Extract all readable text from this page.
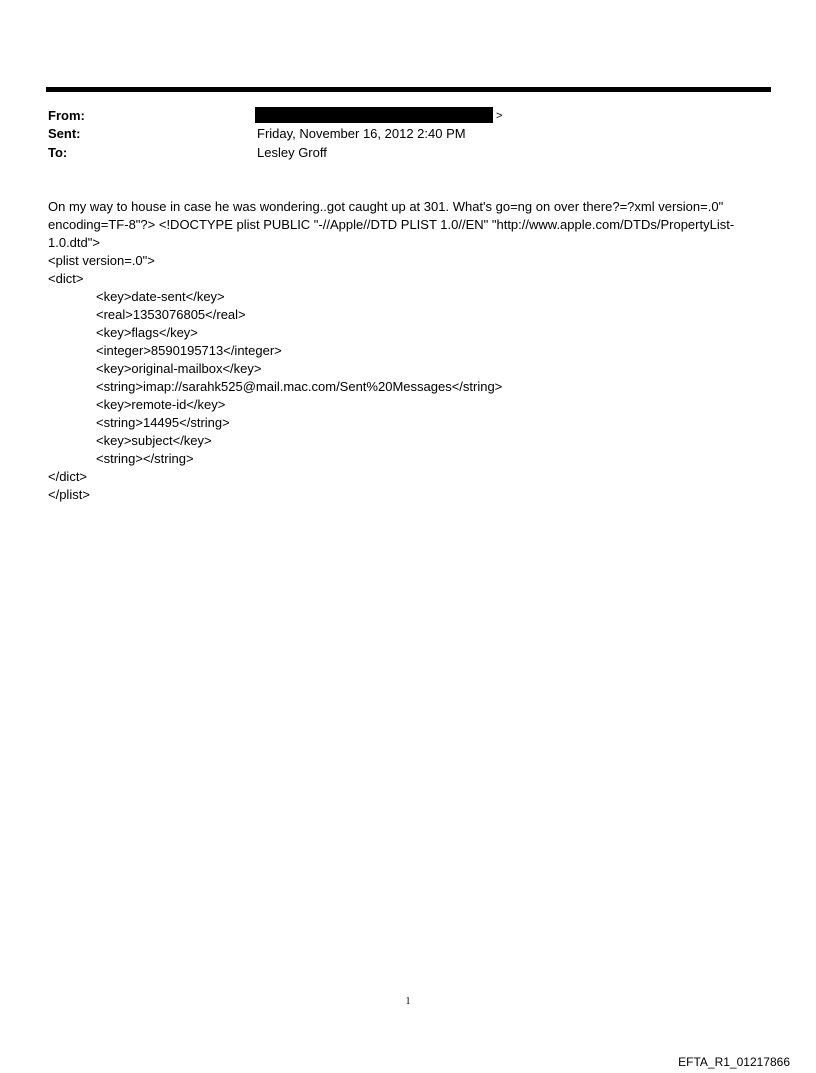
From:	>
Sent:	Friday, November 16, 2012 2:40 PM
To:	Lesley Groff
On my way to house in case he was wondering..got caught up at 301. What's go=ng on over there?=?xml version=.0" encoding=TF-8"?> <!DOCTYPE plist PUBLIC "-//Apple//DTD PLIST 1.0//EN" "http://www.apple.com/DTDs/PropertyList-1.0.dtd">
<plist version=.0">
<dict>
<key>date-sent</key>
<real>1353076805</real>
<key>flags</key>
<integer>8590195713</integer>
<key>original-mailbox</key>
<string>imap://sarahk525@mail.mac.com/Sent%20Messages</string>
<key>remote-id</key>
<string>14495</string>
<key>subject</key>
<string></string>
</dict>
</plist>
1
EFTA_R1_01217866
